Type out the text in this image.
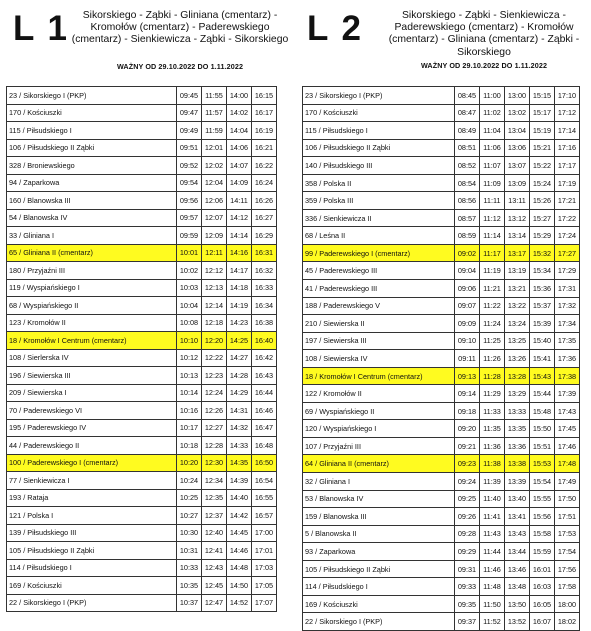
L 1	Sikorskiego - Ząbki - Gliniana (cmentarz) - Kromołów (cmentarz) - Paderewskiego (cmentarz) - Sienkiewicza - Ząbki - Sikorskiego
WAŻNY OD 29.10.2022 DO 1.11.2022
23 / Sikorskiego I (PKP)	09:45	11:55	14:00	16:15
170 / Kościuszki	09:47	11:57	14:02	16:17
115 / Piłsudskiego I	09:49	11:59	14:04	16:19
106 / Piłsudskiego II Ząbki	09:51	12:01	14:06	16:21
328 / Broniewskiego	09:52	12:02	14:07	16:22
94 / Zaparkowa	09:54	12:04	14:09	16:24
160 / Blanowska III	09:56	12:06	14:11	16:26
54 / Blanowska IV	09:57	12:07	14:12	16:27
33 / Gliniana I	09:59	12:09	14:14	16:29
65 / Gliniana II (cmentarz)	10:01	12:11	14:16	16:31
180 / Przyjaźni III	10:02	12:12	14:17	16:32
119 / Wyspiańskiego I	10:03	12:13	14:18	16:33
68 / Wyspiańskiego II	10:04	12:14	14:19	16:34
123 / Kromołów II	10:08	12:18	14:23	16:38
18 / Kromołów I Centrum (cmentarz)	10:10	12:20	14:25	16:40
108 / Sierlerska IV	10:12	12:22	14:27	16:42
196 / Siewierska III	10:13	12:23	14:28	16:43
209 / Siewierska I	10:14	12:24	14:29	16:44
70 / Paderewskiego VI	10:16	12:26	14:31	16:46
195 / Paderewskiego IV	10:17	12:27	14:32	16:47
44 / Paderewskiego II	10:18	12:28	14:33	16:48
100 / Paderewskiego I (cmentarz)	10:20	12:30	14:35	16:50
77 / Sienkiewicza I	10:24	12:34	14:39	16:54
193 / Rataja	10:25	12:35	14:40	16:55
121 / Polska I	10:27	12:37	14:42	16:57
139 / Piłsudskiego III	10:30	12:40	14:45	17:00
105 / Piłsudskiego II Ząbki	10:31	12:41	14:46	17:01
114 / Piłsudskiego I	10:33	12:43	14:48	17:03
169 / Kościuszki	10:35	12:45	14:50	17:05
22 / Sikorskiego I (PKP)	10:37	12:47	14:52	17:07
L 2	Sikorskiego - Ząbki - Sienkiewicza - Paderewskiego (cmentarz) - Kromołów (cmentarz) - Gliniana (cmentarz) - Ząbki - Sikorskiego
WAŻNY OD 29.10.2022 DO 1.11.2022
23 / Sikorskiego I (PKP)	08:45	11:00	13:00	15:15	17:10
170 / Kościuszki	08:47	11:02	13:02	15:17	17:12
115 / Piłsudskiego I	08:49	11:04	13:04	15:19	17:14
106 / Piłsudskiego II Ząbki	08:51	11:06	13:06	15:21	17:16
140 / Piłsudskiego III	08:52	11:07	13:07	15:22	17:17
358 / Polska II	08:54	11:09	13:09	15:24	17:19
359 / Polska III	08:56	11:11	13:11	15:26	17:21
336 / Sienkiewicza II	08:57	11:12	13:12	15:27	17:22
68 / Leśna II	08:59	11:14	13:14	15:29	17:24
99 / Paderewskiego I (cmentarz)	09:02	11:17	13:17	15:32	17:27
45 / Paderewskiego III	09:04	11:19	13:19	15:34	17:29
41 / Paderewskiego III	09:06	11:21	13:21	15:36	17:31
188 / Paderewskiego V	09:07	11:22	13:22	15:37	17:32
210 / Siewierska II	09:09	11:24	13:24	15:39	17:34
197 / Siewierska III	09:10	11:25	13:25	15:40	17:35
108 / Siewierska IV	09:11	11:26	13:26	15:41	17:36
18 / Kromołów I Centrum (cmentarz)	09:13	11:28	13:28	15:43	17:38
122 / Kromołów II	09:14	11:29	13:29	15:44	17:39
69 / Wyspiańskiego II	09:18	11:33	13:33	15:48	17:43
120 / Wyspiańskiego I	09:20	11:35	13:35	15:50	17:45
107 / Przyjaźni III	09:21	11:36	13:36	15:51	17:46
64 / Gliniana II (cmentarz)	09:23	11:38	13:38	15:53	17:48
32 / Gliniana I	09:24	11:39	13:39	15:54	17:49
53 / Blanowska IV	09:25	11:40	13:40	15:55	17:50
159 / Blanowska III	09:26	11:41	13:41	15:56	17:51
5 / Blanowska II	09:28	11:43	13:43	15:58	17:53
93 / Zaparkowa	09:29	11:44	13:44	15:59	17:54
105 / Piłsudskiego II Ząbki	09:31	11:46	13:46	16:01	17:56
114 / Piłsudskiego I	09:33	11:48	13:48	16:03	17:58
169 / Kościuszki	09:35	11:50	13:50	16:05	18:00
22 / Sikorskiego I (PKP)	09:37	11:52	13:52	16:07	18:02
